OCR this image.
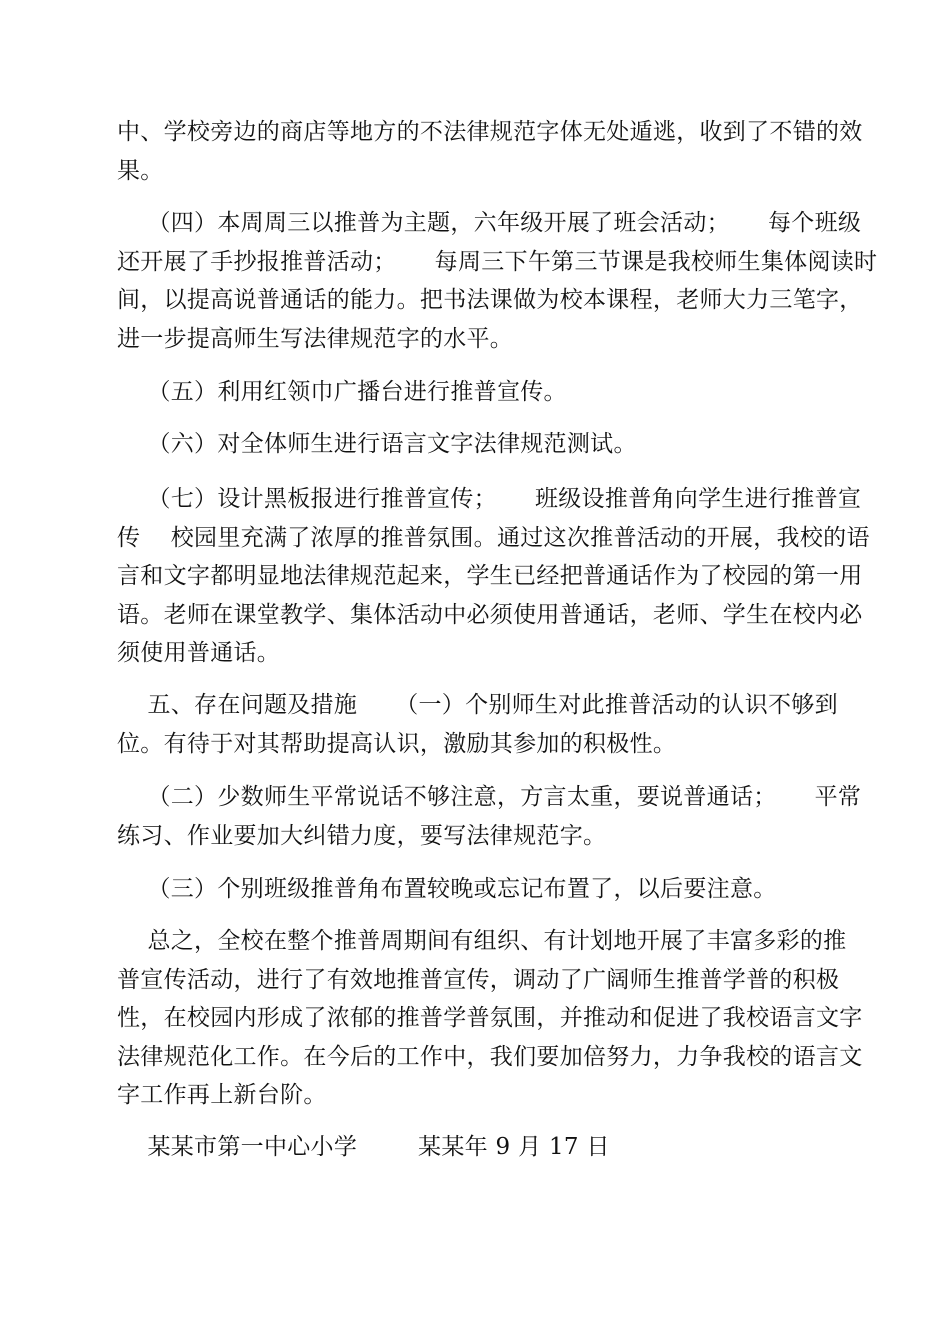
中、学校旁边的商店等地方的不法律规范字体无处遁逃，收到了不错的效
果。
（四）本周周三以推普为主题，六年级开展了班会活动；     每个班级
还开展了手抄报推普活动；     每周三下午第三节课是我校师生集体阅读时
间，以提高说普通话的能力。把书法课做为校本课程，老师大力三笔字，
进一步提高师生写法律规范字的水平。
（五）利用红领巾广播台进行推普宣传。
（六）对全体师生进行语言文字法律规范测试。
（七）设计黑板报进行推普宣传；     班级设推普角向学生进行推普宣
传    校园里充满了浓厚的推普氛围。通过这次推普活动的开展，我校的语
言和文字都明显地法律规范起来，学生已经把普通话作为了校园的第一用
语。老师在课堂教学、集体活动中必须使用普通话，老师、学生在校内必
须使用普通话。
五、存在问题及措施     （一）个别师生对此推普活动的认识不够到
位。有待于对其帮助提高认识，激励其参加的积极性。
（二）少数师生平常说话不够注意，方言太重，要说普通话；     平常
练习、作业要加大纠错力度，要写法律规范字。
（三）个别班级推普角布置较晚或忘记布置了，以后要注意。
总之，全校在整个推普周期间有组织、有计划地开展了丰富多彩的推
普宣传活动，进行了有效地推普宣传，调动了广阔师生推普学普的积极
性，在校园内形成了浓郁的推普学普氛围，并推动和促进了我校语言文字
法律规范化工作。在今后的工作中，我们要加倍努力，力争我校的语言文
字工作再上新台阶。
某某市第一中心小学        某某年 9 月 17 日
